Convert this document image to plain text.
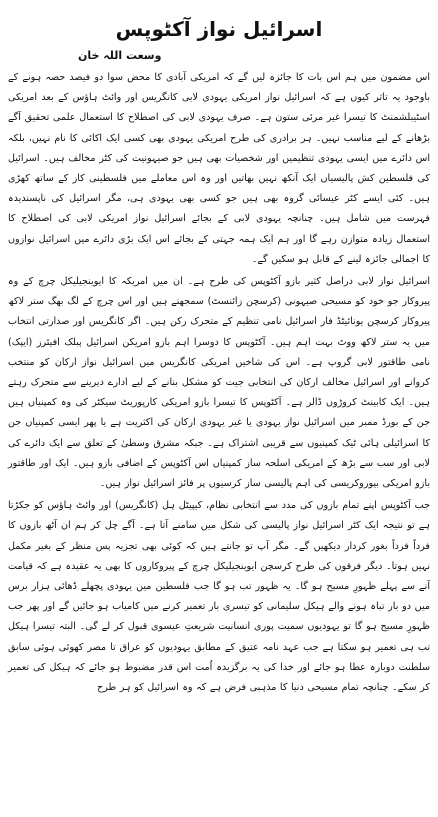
اسرائیل نواز آکٹوپس
وسعت اللہ خان

اس مضمون میں ہم اس بات کا جائزہ لیں گے کہ امریکی آبادی کا محض سوا دو فیصد حصہ ہونے کے باوجود یہ تاثر کیوں ہے کہ اسرائیل نواز امریکی یہودی لابی کانگریس اور وائٹ ہاؤس کے بعد امریکی اسٹیبلشمنٹ کا تیسرا غیر مرئی ستون ہے۔ صرف یہودی لابی کی اصطلاح کا استعمال علمی تحقیق آگے بڑھانے کے لیے مناسب نہیں۔ ہر برادری کی طرح امریکی یہودی بھی کسی ایک اکائی کا نام نہیں، بلکہ اس دائرے میں ایسی یہودی تنظیمیں اور شخصیات بھی ہیں جو صیہونیت کی کٹر مخالف ہیں۔ اسرائیل کی فلسطین کش پالیسیاں ایک آنکھ نہیں بھاتیں اور وہ اس معاملے میں فلسطینی کاز کے ساتھ کھڑی ہیں۔ کئی ایسے کٹر عیسائی گروہ بھی ہیں جو کسی بھی یہودی ہی، مگر اسرائیل کی ناپسندیدہ فہرست میں شامل ہیں۔ چنانچہ یہودی لابی کے بجائے اسرائیل نواز امریکی لابی کی اصطلاح کا استعمال زیادہ متوازن رہے گا اور ہم ایک ہمہ جہتی کے بجائے اس ایک بڑی دائرے میں اسرائیل نوازوں کا اجمالی جائزہ لینے کے قابل ہو سکیں گے۔

اسرائیل نواز لابی دراصل کثیر بازو آکٹوپس کی طرح ہے۔ ان میں امریکہ کا ایوینجیلیکل چرچ کے وہ پیروکار جو خود کو مسیحی صیہونی (کرسچن زائنسٹ) سمجھتے ہیں اور اس چرچ کے لگ بھگ ستر لاکھ پیروکار کرسچن یونائیٹڈ فار اسرائیل نامی تنظیم کے متحرک رکن ہیں۔ اگر کانگریس اور صدارتی انتخاب میں یہ ستر لاکھ ووٹ بہت اہم ہیں۔ آکٹوپس کا دوسرا اہم بازو امریکن اسرائیل پبلک افیئرز (ایپک) نامی طاقتور لابی گروپ ہے۔ اس کی شاخیں امریکی کانگریس میں اسرائیل نواز ارکان کو منتخب کروانے اور اسرائیل مخالف ارکان کی انتخابی جیت کو مشکل بنانے کے لیے ادارے دیرینے سے متحرک رہتے ہیں۔ ایک کابینٹ کروڑوں ڈالر ہے۔ آکٹوپس کا تیسرا بازو امریکی کارپوریٹ سیکٹر کی وہ کمپنیاں ہیں جن کے بورڈ ممبر میں اسرائیل نواز یہودی یا غیر یہودی ارکان کی اکثریت ہے یا پھر ایسی کمپنیاں جن کا اسرائیلی ہائی ٹیک کمپنیوں سے قریبی اشتراک ہے۔ جبکہ مشرق وسطیٰ کے تعلق سے ایک دائرے کی لابی اور سب سے بڑھ کے امریکی اسلحہ ساز کمپنیاں اس آکٹوپس کے اضافی بازو ہیں۔ ایک اور طاقتور بازو امریکی بیوروکریسی کی اہم پالیسی ساز کرسیوں پر فائز اسرائیل نواز ہیں۔

جب آکٹوپس اپنے تمام بازوں کی مدد سے انتخابی نظام، کیپیٹل ہل (کانگریس) اور وائٹ ہاؤس کو جکڑتا ہے تو نتیجہ ایک کٹر اسرائیل نواز پالیسی کی شکل میں سامنے آتا ہے۔ آگے چل کر ہم ان آٹھ بازوں کا فرداً فرداً بغور کردار دیکھیں گے۔ مگر آپ تو جانتے ہیں کہ کوئی بھی تجزیہ پس منظر کے بغیر مکمل نہیں ہوتا۔ دیگر فرقوں کی طرح کرسچن ایوینجیلیکل چرچ کے پیروکاروں کا بھی یہ عقیدہ ہے کہ قیامت آنے سے پہلے ظہورِ مسیح ہو گا۔ یہ ظہور تب ہو گا جب فلسطین میں یہودی پچھلے ڈھائی ہزار برس میں دو بار تباہ ہونے والے ہیکل سلیمانی کو تیسری بار تعمیر کرنے میں کامیاب ہو جائیں گے اور پھر جب ظہورِ مسیح ہو گا تو یہودیوں سمیت پوری انسانیت شریعتِ عیسوی قبول کر لے گی۔ البتہ تیسرا ہیکل تب ہی تعمیر ہو سکتا ہے جب عہد نامہ عتیق کے مطابق یہودیوں کو عراق تا مصر کھوئی ہوئی سابق سلطنت دوبارہ عطا ہو جائے اور خدا کی یہ برگزیدہ اُمت اس قدر مضبوط ہو جائے کہ ہیکل کی تعمیر کر سکے۔ چنانچہ تمام مسیحی دنیا کا مذہبی فرض ہے کہ وہ اسرائیل کو ہر طرح
